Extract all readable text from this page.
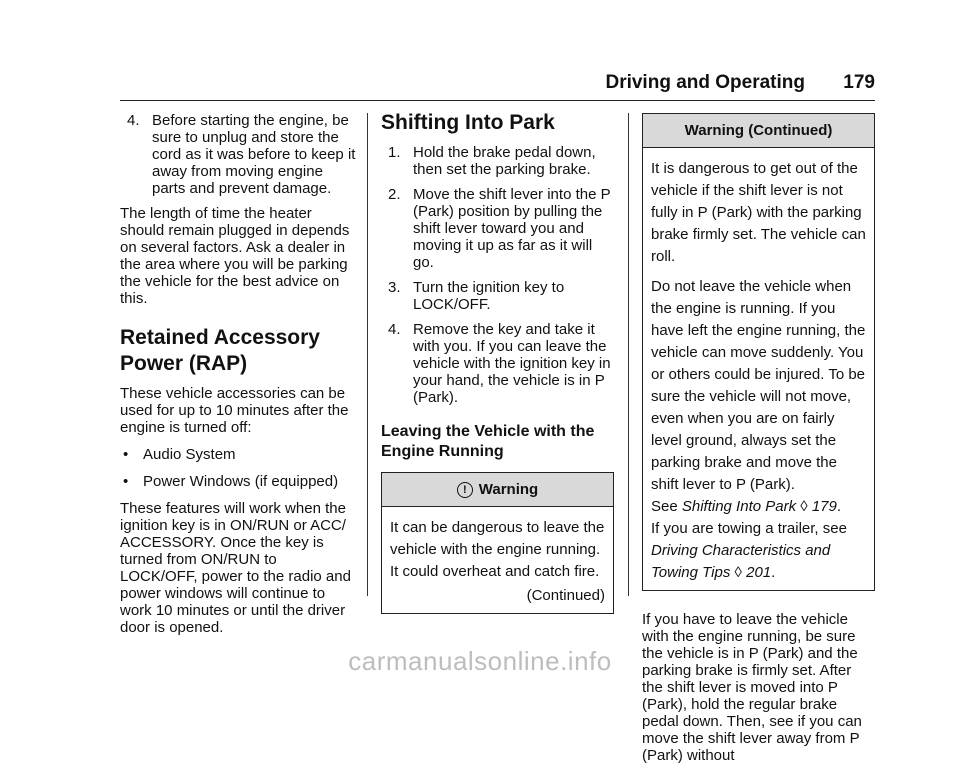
Driving and Operating 179
4. Before starting the engine, be sure to unplug and store the cord as it was before to keep it away from moving engine parts and prevent damage.

The length of time the heater should remain plugged in depends on several factors. Ask a dealer in the area where you will be parking the vehicle for the best advice on this.

Retained Accessory Power (RAP)

These vehicle accessories can be used for up to 10 minutes after the engine is turned off:

• Audio System
• Power Windows (if equipped)

These features will work when the ignition key is in ON/RUN or ACC/ ACCESSORY. Once the key is turned from ON/RUN to LOCK/OFF, power to the radio and power windows will continue to work 10 minutes or until the driver door is opened.

Shifting Into Park
1. Hold the brake pedal down, then set the parking brake.
2. Move the shift lever into the P (Park) position by pulling the shift lever toward you and moving it up as far as it will go.
3. Turn the ignition key to LOCK/OFF.
4. Remove the key and take it with you. If you can leave the vehicle with the ignition key in your hand, the vehicle is in P (Park).
Leaving the Vehicle with the Engine Running
! Warning

It can be dangerous to leave the vehicle with the engine running. It could overheat and catch fire.

(Continued)
Warning (Continued)

It is dangerous to get out of the vehicle if the shift lever is not fully in P (Park) with the parking brake firmly set. The vehicle can roll.

Do not leave the vehicle when the engine is running. If you have left the engine running, the vehicle can move suddenly. You or others could be injured. To be sure the vehicle will not move, even when you are on fairly level ground, always set the parking brake and move the shift lever to P (Park).

See Shifting Into Park ◊ 179.
If you are towing a trailer, see Driving Characteristics and Towing Tips ◊ 201.

If you have to leave the vehicle with the engine running, be sure the vehicle is in P (Park) and the parking brake is firmly set. After the shift lever is moved into P (Park), hold the regular brake pedal down. Then, see if you can move the shift lever away from P (Park) without

carmanualsonline.info
